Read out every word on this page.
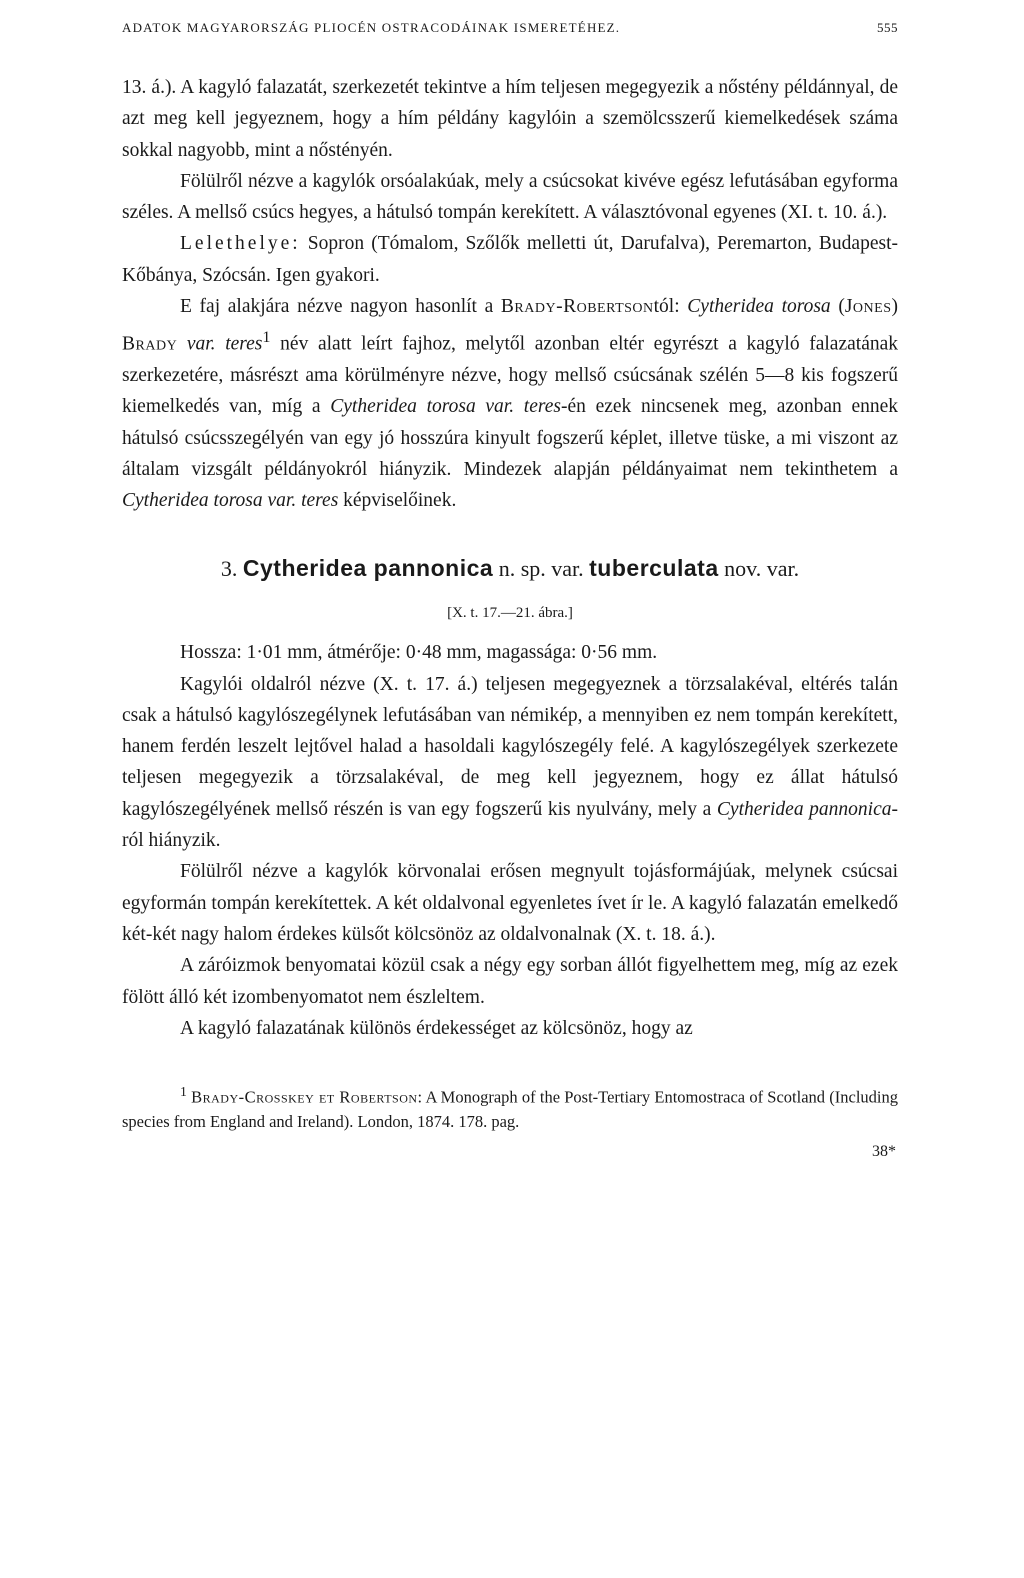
ADATOK MAGYARORSZÁG PLIOCÉN OSTRACODÁINAK ISMERETÉHEZ.	555

13. á.). A kagyló falazatát, szerkezetét tekintve a hím teljesen megegyezik a nőstény példánnyal, de azt meg kell jegyeznem, hogy a hím példány kagylóin a szemölcsszerű kiemelkedések száma sokkal nagyobb, mint a nőstényén.

Fölülről nézve a kagylók orsóalakúak, mely a csúcsokat kivéve egész lefutásában egyforma széles. A mellső csúcs hegyes, a hátulsó tompán kerekített. A választóvonal egyenes (XI. t. 10. á.).

Lelethelye: Sopron (Tómalom, Szőlők melletti út, Darufalva), Peremarton, Budapest-Kőbánya, Szócsán. Igen gyakori.

E faj alakjára nézve nagyon hasonlít a Brady-Robertsontól: Cytheridea torosa (Jones) Brady var. teres$^1$ név alatt leírt fajhoz, melytől azonban eltér egyrészt a kagyló falazatának szerkezetére, másrészt ama körülményre nézve, hogy mellső csúcsának szélén 5—8 kis fogszerű kiemelkedés van, míg a Cytheridea torosa var. teres-én ezek nincsenek meg, azonban ennek hátulsó csúcsszegélyén van egy jó hosszúra kinyult fogszerű képlet, illetve tüske, a mi viszont az általam vizsgált példányokról hiányzik. Mindezek alapján példányaimat nem tekinthetem a Cytheridea torosa var. teres képviselőinek.

3. Cytheridea pannonica n. sp. var. tuberculata nov. var.
[X. t. 17.—21. ábra.]

Hossza: 1·01 mm, átmérője: 0·48 mm, magassága: 0·56 mm.

Kagylói oldalról nézve (X. t. 17. á.) teljesen megegyeznek a törzsalakéval, eltérés talán csak a hátulsó kagylószegélynek lefutásában van némikép, a mennyiben ez nem tompán kerekített, hanem ferdén leszelt lejtővel halad a hasoldali kagylószegély felé. A kagylószegélyek szerkezete teljesen megegyezik a törzsalakéval, de meg kell jegyeznem, hogy ez állat hátulsó kagylószegélyének mellső részén is van egy fogszerű kis nyulvány, mely a Cytheridea pannonica-ról hiányzik.

Fölülről nézve a kagylók körvonalai erősen megnyult tojásformájúak, melynek csúcsai egyformán tompán kerekítettek. A két oldalvonal egyenletes ívet ír le. A kagyló falazatán emelkedő két-két nagy halom érdekes külsőt kölcsönöz az oldalvonalnak (X. t. 18. á.).

A záróizmok benyomatai közül csak a négy egy sorban állót figyelhettem meg, míg az ezek fölött álló két izombenyomatot nem észleltem.

A kagyló falazatának különös érdekességet az kölcsönöz, hogy az

$^1$ Brady-Crosskey et Robertson: A Monograph of the Post-Tertiary Entomostraca of Scotland (Including species from England and Ireland). London, 1874. 178. pag.

38*
